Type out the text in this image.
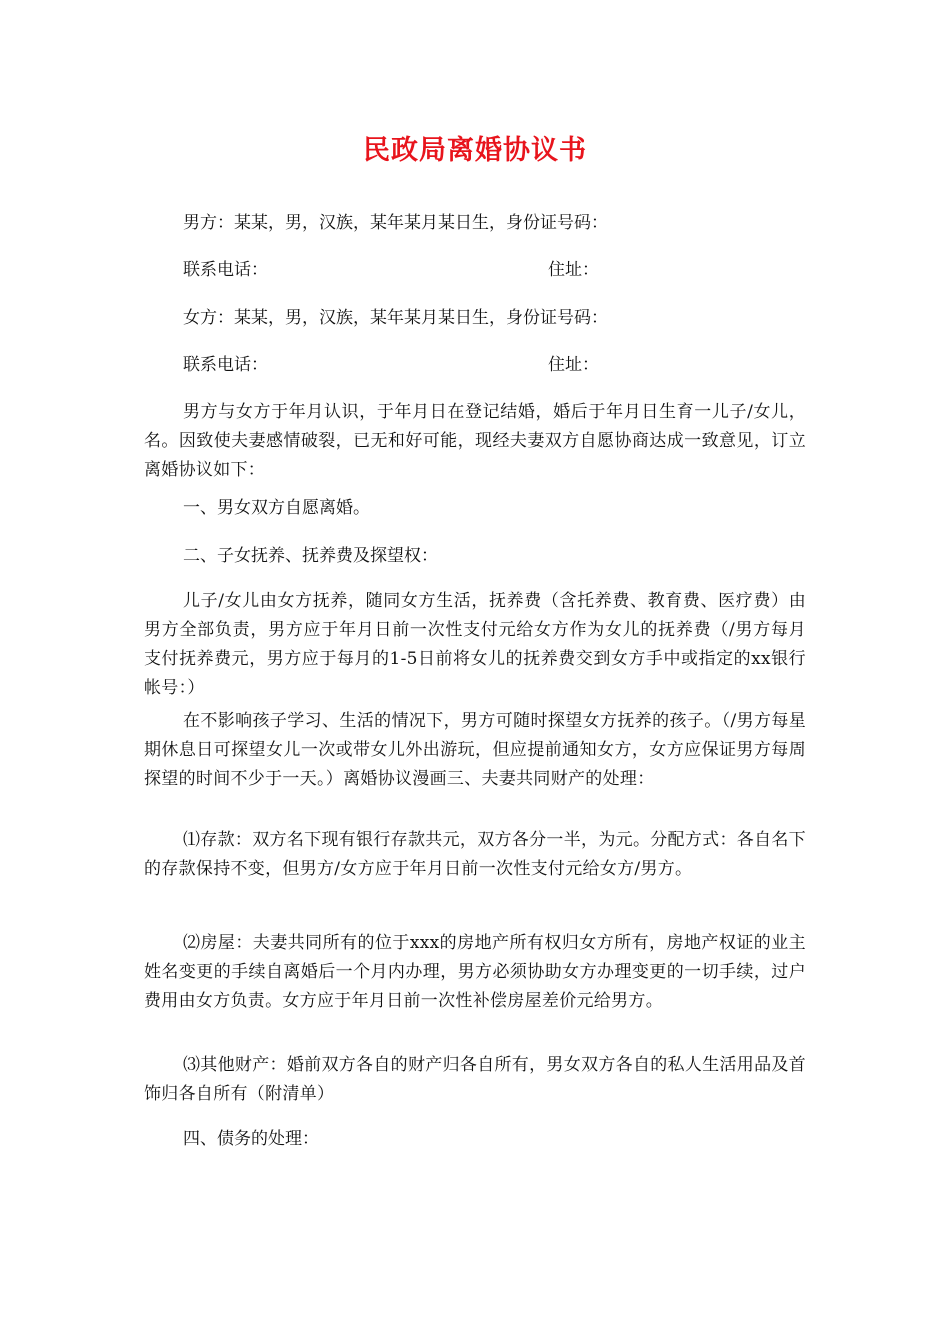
民政局离婚协议书
男方：某某，男，汉族，某年某月某日生，身份证号码：
联系电话：	住址：
女方：某某，男，汉族，某年某月某日生，身份证号码：
联系电话：	住址：
男方与女方于年月认识，于年月日在登记结婚，婚后于年月日生育一儿子/女儿，名。因致使夫妻感情破裂，已无和好可能，现经夫妻双方自愿协商达成一致意见，订立离婚协议如下：
一、男女双方自愿离婚。
二、子女抚养、抚养费及探望权：
儿子/女儿由女方抚养，随同女方生活，抚养费（含托养费、教育费、医疗费）由男方全部负责，男方应于年月日前一次性支付元给女方作为女儿的抚养费（/男方每月支付抚养费元，男方应于每月的1-5日前将女儿的抚养费交到女方手中或指定的xx银行帐号：）
在不影响孩子学习、生活的情况下，男方可随时探望女方抚养的孩子。（/男方每星期休息日可探望女儿一次或带女儿外出游玩，但应提前通知女方，女方应保证男方每周探望的时间不少于一天。）离婚协议漫画三、夫妻共同财产的处理：
⑴存款：双方名下现有银行存款共元，双方各分一半，为元。分配方式：各自名下的存款保持不变，但男方/女方应于年月日前一次性支付元给女方/男方。
⑵房屋：夫妻共同所有的位于xxx的房地产所有权归女方所有，房地产权证的业主姓名变更的手续自离婚后一个月内办理，男方必须协助女方办理变更的一切手续，过户费用由女方负责。女方应于年月日前一次性补偿房屋差价元给男方。
⑶其他财产：婚前双方各自的财产归各自所有，男女双方各自的私人生活用品及首饰归各自所有（附清单）
四、债务的处理：
